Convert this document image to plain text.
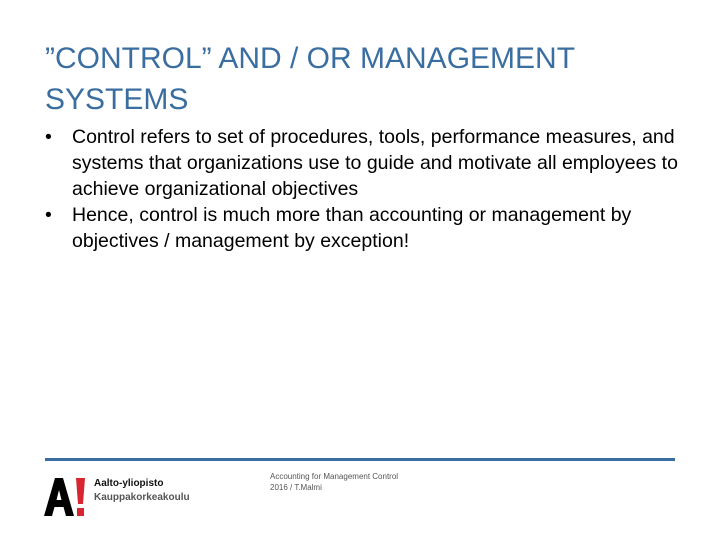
”CONTROL” AND / OR MANAGEMENT SYSTEMS
• Control refers to set of procedures, tools, performance measures, and systems that organizations use to guide and motivate all employees to achieve organizational objectives
• Hence, control is much more than accounting or management by objectives / management by exception!
Aalto-yliopisto
Kauppakorkeakoulu
Accounting for Management Control 2016 / T.Malmi
